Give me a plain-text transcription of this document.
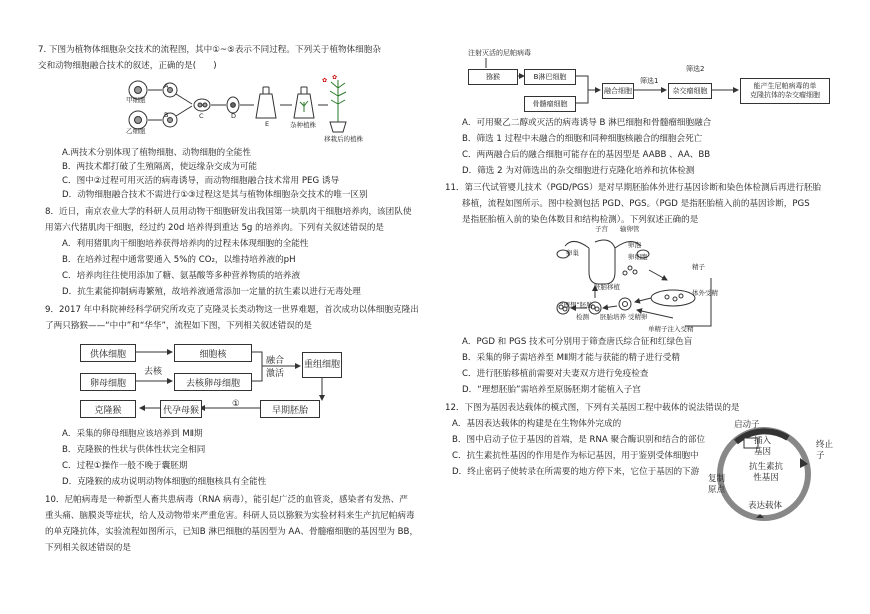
7. 下图为植物体细胞杂交技术的流程图，其中①~⑤表示不同过程。下列关于植物体细胞杂
交和动物细胞融合技术的叙述，正确的是(　　)
✿ ✿
甲细胞
乙细胞
A
B	C	D
E	杂种植株
移栽后的植株
A.两技术分别体现了植物细胞、动物细胞的全能性
B．两技术都打破了生殖隔离，使远缘杂交成为可能
C．图中②过程可用灭活的病毒诱导，而动物细胞融合技术常用 PEG 诱导
D．动物细胞融合技术不需进行①③过程这是其与植物体细胞杂交技术的唯一区别
8．近日，南京农业大学的科研人员用动物干细胞研发出我国第一块肌肉干细胞培养肉，该团队使
用第六代猪肌肉干细胞，经过约 20d 培养得到重达 5g 的培养肉。下列有关叙述错误的是
A．利用猪肌肉干细胞培养获得培养肉的过程未体现细胞的全能性
B．在培养过程中通常要通入 5%的 CO₂，以维持培养液的pH
C．培养肉往往使用添加了糖、氨基酸等多种营养物质的培养液
D．抗生素能抑制病毒繁殖，故培养液通常添加一定量的抗生素以进行无毒处理
9．2017 年中科院神经科学研究所攻克了克隆灵长类动物这一世界难题，首次成功以体细胞克隆出
了两只猕猴——“中中”和“华华”，流程如下图，下列相关叙述错误的是
供体细胞	细胞核
卵母细胞
去核
去核卵母细胞
融合激活
重组细胞
克隆猴	代孕母猴
①
早期胚胎
A．采集的卵母细胞应该培养到 MⅡ期
B．克隆猴的性状与供体性状完全相同
C．过程①操作一般不晚于囊胚期
D．克隆猴的成功说明动物体细胞的细胞核具有全能性
10．尼帕病毒是一种新型人畜共患病毒（RNA 病毒），能引起广泛的血管炎，感染者有发热、严
重头痛、脑膜炎等症状，给人及动物带来严重危害。科研人员以猕猴为实验材料来生产抗尼帕病毒
的单克隆抗体，实验流程如图所示，已知B 淋巴细胞的基因型为 AA、骨髓瘤细胞的基因型为 BB，
下列相关叙述错误的是
注射灭活的尼帕病毒
猕猴	B淋巴细胞
骨髓瘤细胞
融合细胞
筛选1
杂交瘤细胞
筛选2
能产生尼帕病毒的单
克隆抗体的杂交瘤细胞
A．可用聚乙二醇或灭活的病毒诱导 B 淋巴细胞和骨髓瘤细胞融合
B．筛选 1 过程中未融合的细胞和同种细胞核融合的细胞会死亡
C．两两融合后的融合细胞可能存在的基因型是 AABB 、AA、BB
D．筛选 2 为对筛选出的杂交细胞进行克隆化培养和抗体检测
11．第三代试管婴儿技术（PGD/PGS）是对早期胚胎体外进行基因诊断和染色体检测后再进行胚胎
移植，流程如图所示。图中检测包括 PGD、PGS。（PGD 是指胚胎植入前的基因诊断，PGS
是指胚胎植入前的染色体数目和结构检测）。下列叙述正确的是
子宫 输卵管
卵巢
卵泡
卵细胞
精子
胚胎移植
体外受精
“理想”胚胎
检测 胚胎培养 受精卵
单精子注入受精
A．PGD 和 PGS 技术可分别用于筛查唐氏综合征和红绿色盲
B．采集的卵子需培养至 MⅡ期才能与获能的精子进行受精
C．进行胚胎移植前需要对夫妻双方进行免疫检查
D．“理想胚胎”需培养至原肠胚期才能植入子宫
12．下图为基因表达载体的模式图，下列有关基因工程中载体的说法错误的是
A．基因表达载体的构建是在生物体外完成的
B．图中启动子位于基因的首端，是 RNA 聚合酶识别和结合的部位
C．抗生素抗性基因的作用是作为标记基因，用于鉴别受体细胞中
D．终止密码子使转录在所需要的地方停下来，它位于基因的下游
启动子
插入基因
终止子
抗生素抗性基因
复制原点
表达载体
